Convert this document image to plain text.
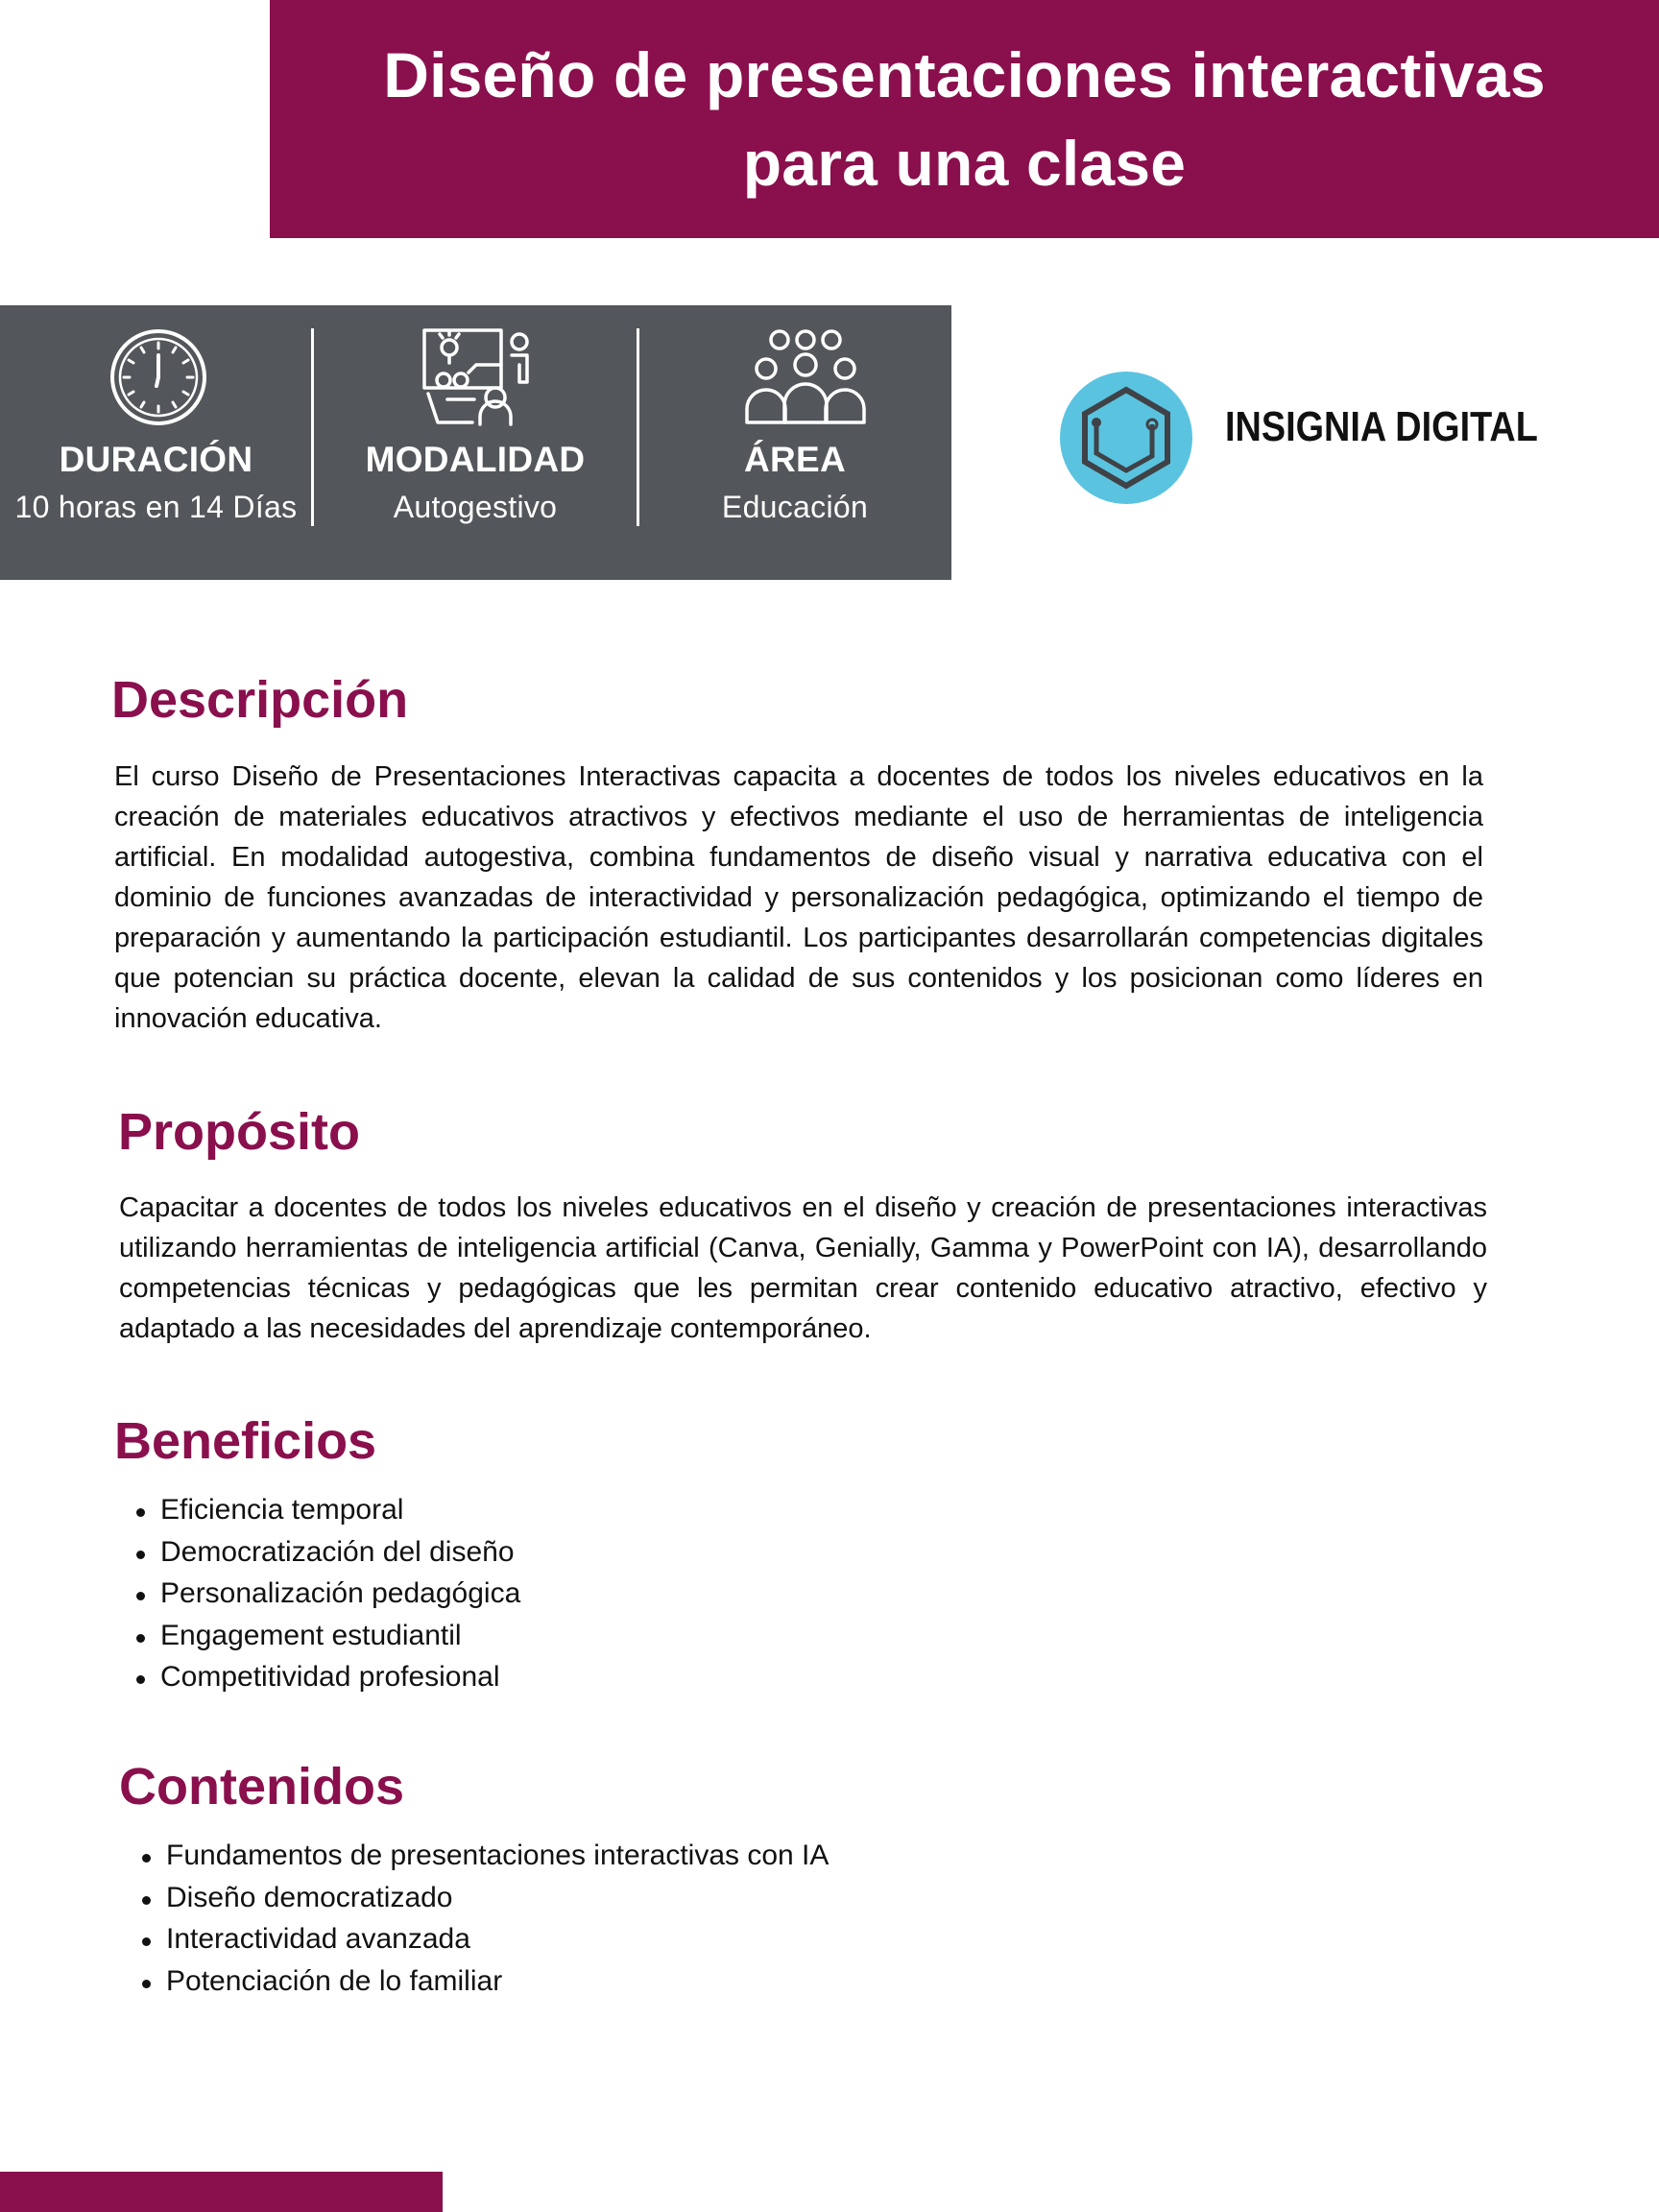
Diseño de presentaciones interactivas
para una clase
DURACIÓN
10 horas en 14 Días
MODALIDAD
Autogestivo
ÁREA
Educación
INSIGNIA DIGITAL
Descripción
El curso Diseño de Presentaciones Interactivas capacita a docentes de todos los niveles educativos en la creación de materiales educativos atractivos y efectivos mediante el uso de herramientas de inteligencia artificial. En modalidad autogestiva, combina fundamentos de diseño visual y narrativa educativa con el dominio de funciones avanzadas de interactividad y personalización pedagógica, optimizando el tiempo de preparación y aumentando la participación estudiantil. Los participantes desarrollarán competencias digitales que potencian su práctica docente, elevan la calidad de sus contenidos y los posicionan como líderes en innovación educativa.
Propósito
Capacitar a docentes de todos los niveles educativos en el diseño y creación de presentaciones interactivas utilizando herramientas de inteligencia artificial (Canva, Genially, Gamma y PowerPoint con IA), desarrollando competencias técnicas y pedagógicas que les permitan crear contenido educativo atractivo, efectivo y adaptado a las necesidades del aprendizaje contemporáneo.
Beneficios
Eficiencia temporal
Democratización del diseño
Personalización pedagógica
Engagement estudiantil
Competitividad profesional
Contenidos
Fundamentos de presentaciones interactivas con IA
Diseño democratizado
Interactividad avanzada
Potenciación de lo familiar
